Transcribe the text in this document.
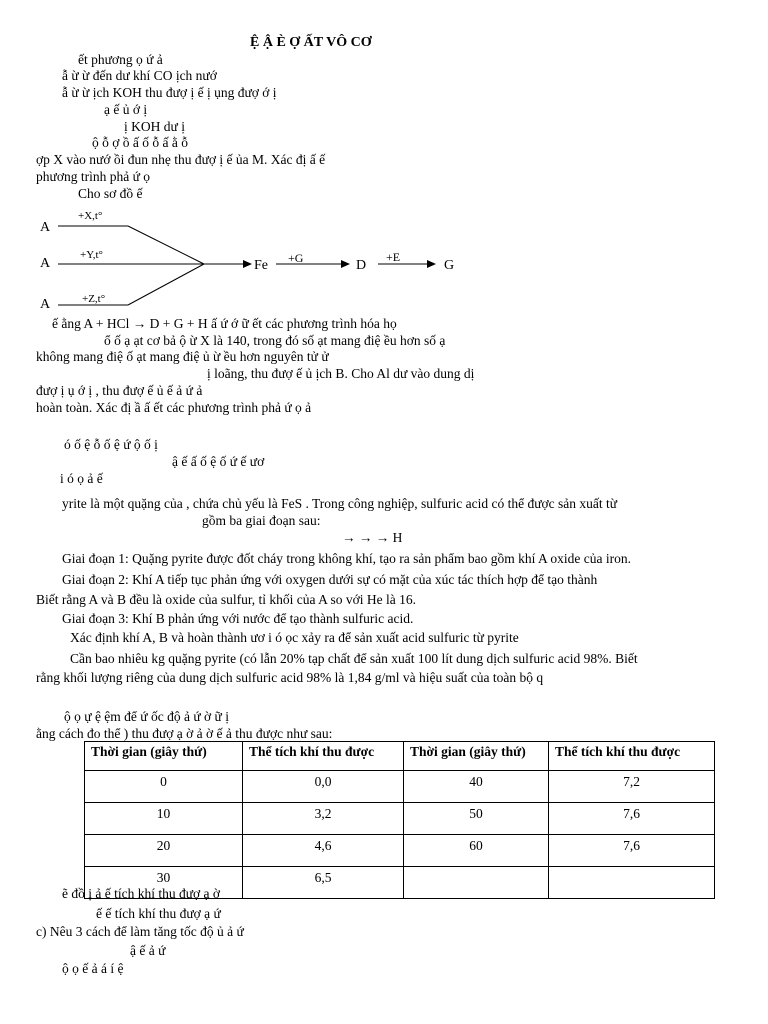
Ệ Ậ È Ợ ẤT VÔ CƠ
ết phương ọ ứ ả
ẫ ừ ừ đến dư khí CO ịch nướ
ẫ ừ ừ ịch KOH thu đượ ị ế ị ụng đượ ớ ị
ạ ế ủ ớ ị
ị KOH dư ị
ộ ỗ ợ ồ ấ ố ỗ ấ ằ ỗ
ợp X vào nướ ồi đun nhẹ thu đượ ị ế ủa M. Xác đị ấ ế
phương trình phả ứ ọ
Cho sơ đồ ế
A
A
A
+X,t°
+Y,t°
+Z,t°
Fe +G	D
+E
G
ế ằng A + HCl → D + G + H ấ ứ ớ ữ ết các phương trình hóa họ
ổ ố ạ ạt cơ bả ộ ừ X là 140, trong đó số ạt mang điệ ều hơn số ạ
không mang điệ ố ạt mang điệ ủ ừ ều hơn nguyên tử ử
ị loãng, thu đượ ế ủ ịch B. Cho Al dư vào dung dị
đượ ị ụ ớ ị , thu đượ ế ủ ế ả ứ ả
hoàn toàn. Xác đị ầ ấ ết các phương trình phả ứ ọ ả
ó ố ệ ỗ ố ệ ứ ộ ố ị
ậ ế ấ ố ệ ố ứ ế ươ
i ó ọ ả ế
yrite là một quặng của , chứa chủ yếu là FeS . Trong công nghiệp, sulfuric acid có thể được sản xuất từ
gồm ba giai đoạn sau:
→ → → H
Giai đoạn 1: Quặng pyrite được đốt cháy trong không khí, tạo ra sản phẩm bao gồm khí A oxide của iron.
Giai đoạn 2: Khí A tiếp tục phản ứng với oxygen dưới sự có mặt của xúc tác thích hợp để tạo thành
Biết rằng A và B đều là oxide của sulfur, tỉ khối của A so với He là 16.
Giai đoạn 3: Khí B phản ứng với nước để tạo thành sulfuric acid.
Xác định khí A, B và hoàn thành ươ i ó ọc xảy ra để sản xuất acid sulfuric từ pyrite
Cần bao nhiêu kg quặng pyrite (có lẫn 20% tạp chất để sản xuất 100 lít dung dịch sulfuric acid 98%. Biết
rằng khối lượng riêng của dung dịch sulfuric acid 98% là 1,84 g/ml và hiệu suất của toàn bộ q
ộ ọ ự ệ ệm để ứ ốc độ ả ứ ờ ữ ị
ằng cách đo thể ) thu đượ ạ ờ ả ờ ế ả thu được như sau:
Thời gian (giây thứ)	Thể tích khí thu được	Thời gian (giây thứ)	Thể tích khí thu được
0	0,0	40	7,2
10	3,2	50	7,6
20	4,6	60	7,6
30	6,5		
ẽ đồ ị ả ế tích khí thu đượ ạ ờ
ế ế tích khí thu đượ ạ ứ
c) Nêu 3 cách để làm tăng tốc độ ủ ả ứ
ậ ế ả ứ
ộ ọ ế ả á í ệ
